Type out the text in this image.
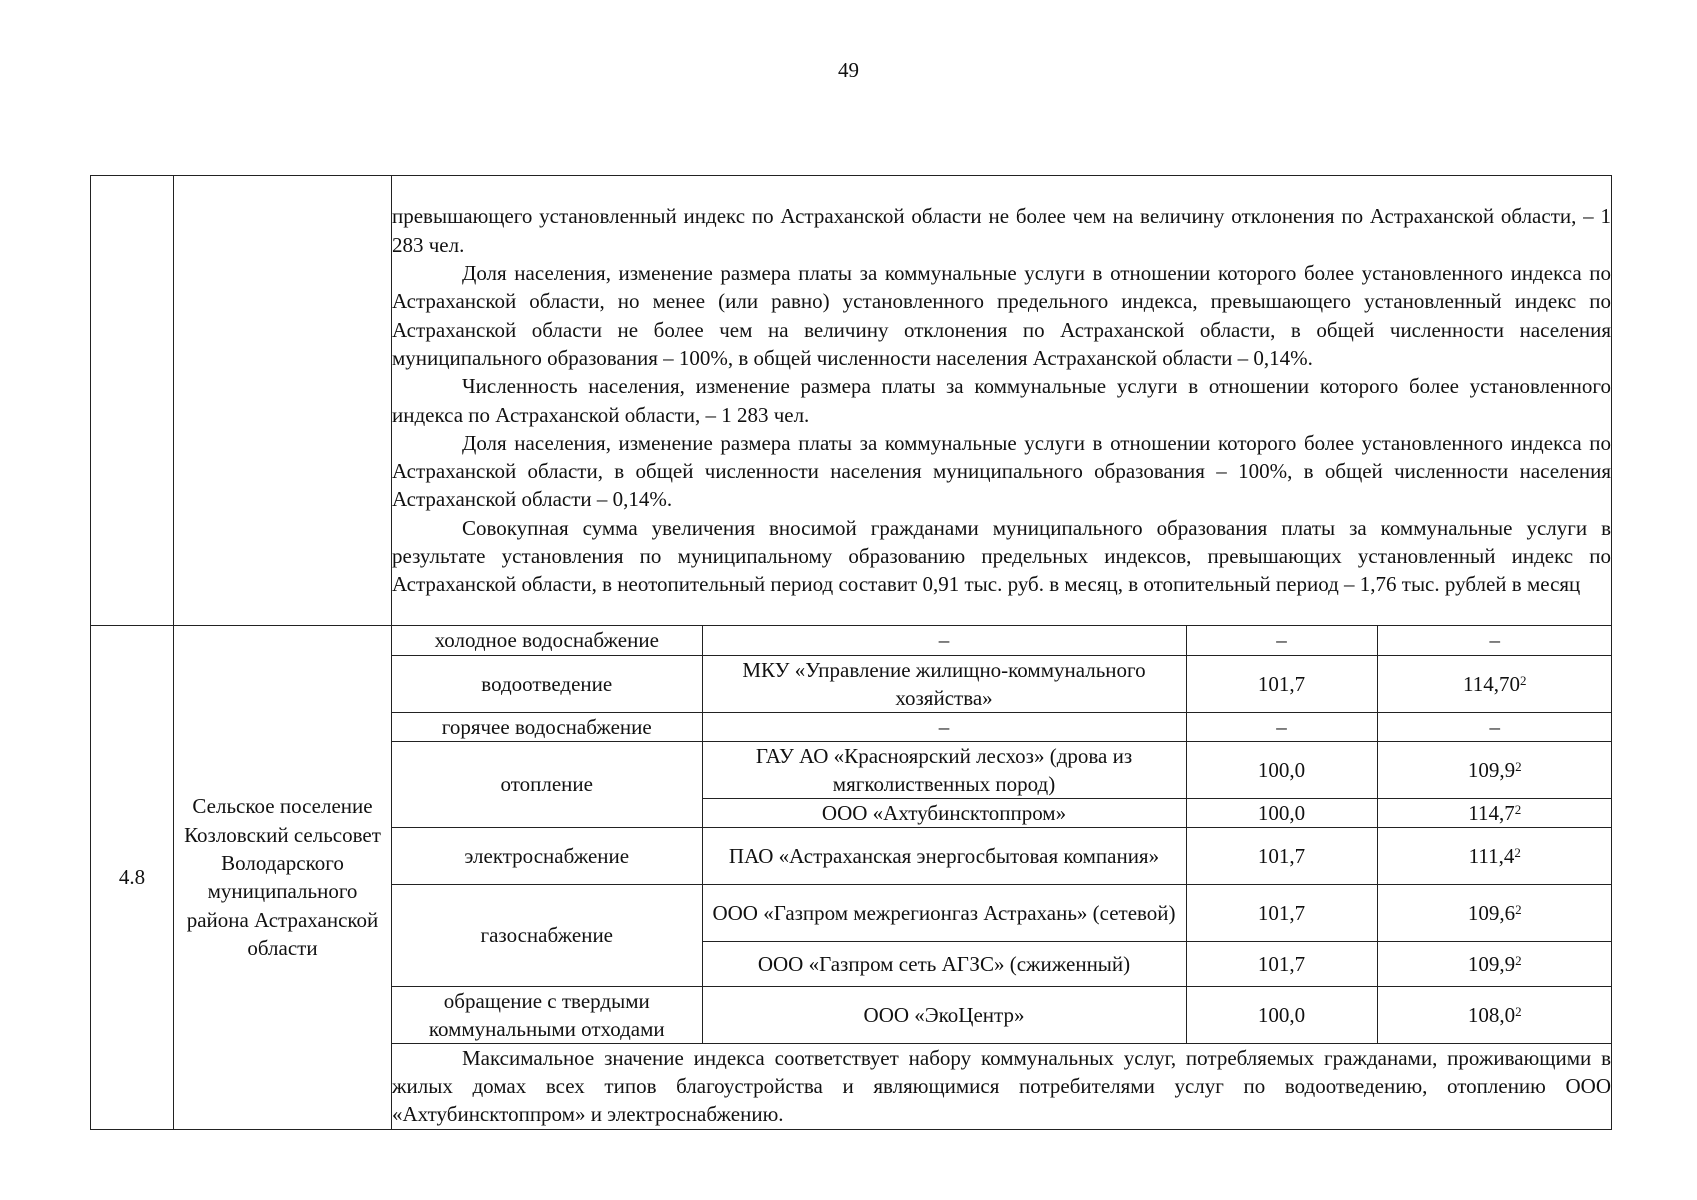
49

превышающего установленный индекс по Астраханской области не более чем на величину отклонения по Астраханской области, – 1 283 чел.

Доля населения, изменение размера платы за коммунальные услуги в отношении которого более установленного индекса по Астраханской области, но менее (или равно) установленного предельного индекса, превышающего установленный индекс по Астраханской области не более чем на величину отклонения по Астраханской области, в общей численности населения муниципального образования – 100%, в общей численности населения Астраханской области – 0,14%.

Численность населения, изменение размера платы за коммунальные услуги в отношении которого более установленного индекса по Астраханской области, – 1 283 чел.

Доля населения, изменение размера платы за коммунальные услуги в отношении которого более установленного индекса по Астраханской области, в общей численности населения муниципального образования – 100%, в общей численности населения Астраханской области – 0,14%.

Совокупная сумма увеличения вносимой гражданами муниципального образования платы за коммунальные услуги в результате установления по муниципальному образованию предельных индексов, превышающих установленный индекс по Астраханской области, в неотопительный период составит 0,91 тыс. руб. в месяц, в отопительный период – 1,76 тыс. рублей в месяц

4.8	Сельское поселение Козловский сельсовет Володарского муниципального района Астраханской области	
холодное водоснабжение	–	–	–
водоотведение	МКУ «Управление жилищно-коммунального хозяйства»	101,7	114,70$^2$
горячее водоснабжение	–	–	–
отопление	ГАУ АО «Красноярский лесхоз» (дрова из мягколиственных пород)	100,0	109,9$^2$
ООО «Ахтубинсктоппром»	100,0	114,7$^2$
электроснабжение	ПАО «Астраханская энергосбытовая компания»	101,7	111,4$^2$
газоснабжение	ООО «Газпром межрегионгаз Астрахань» (сетевой)	101,7	109,6$^2$
ООО «Газпром сеть АГЗС» (сжиженный)	101,7	109,9$^2$
обращение с твердыми коммунальными отходами	ООО «ЭкоЦентр»	100,0	108,0$^2$

Максимальное значение индекса соответствует набору коммунальных услуг, потребляемых гражданами, проживающими в жилых домах всех типов благоустройства и являющимися потребителями услуг по водоотведению, отоплению ООО «Ахтубинсктоппром» и электроснабжению.
